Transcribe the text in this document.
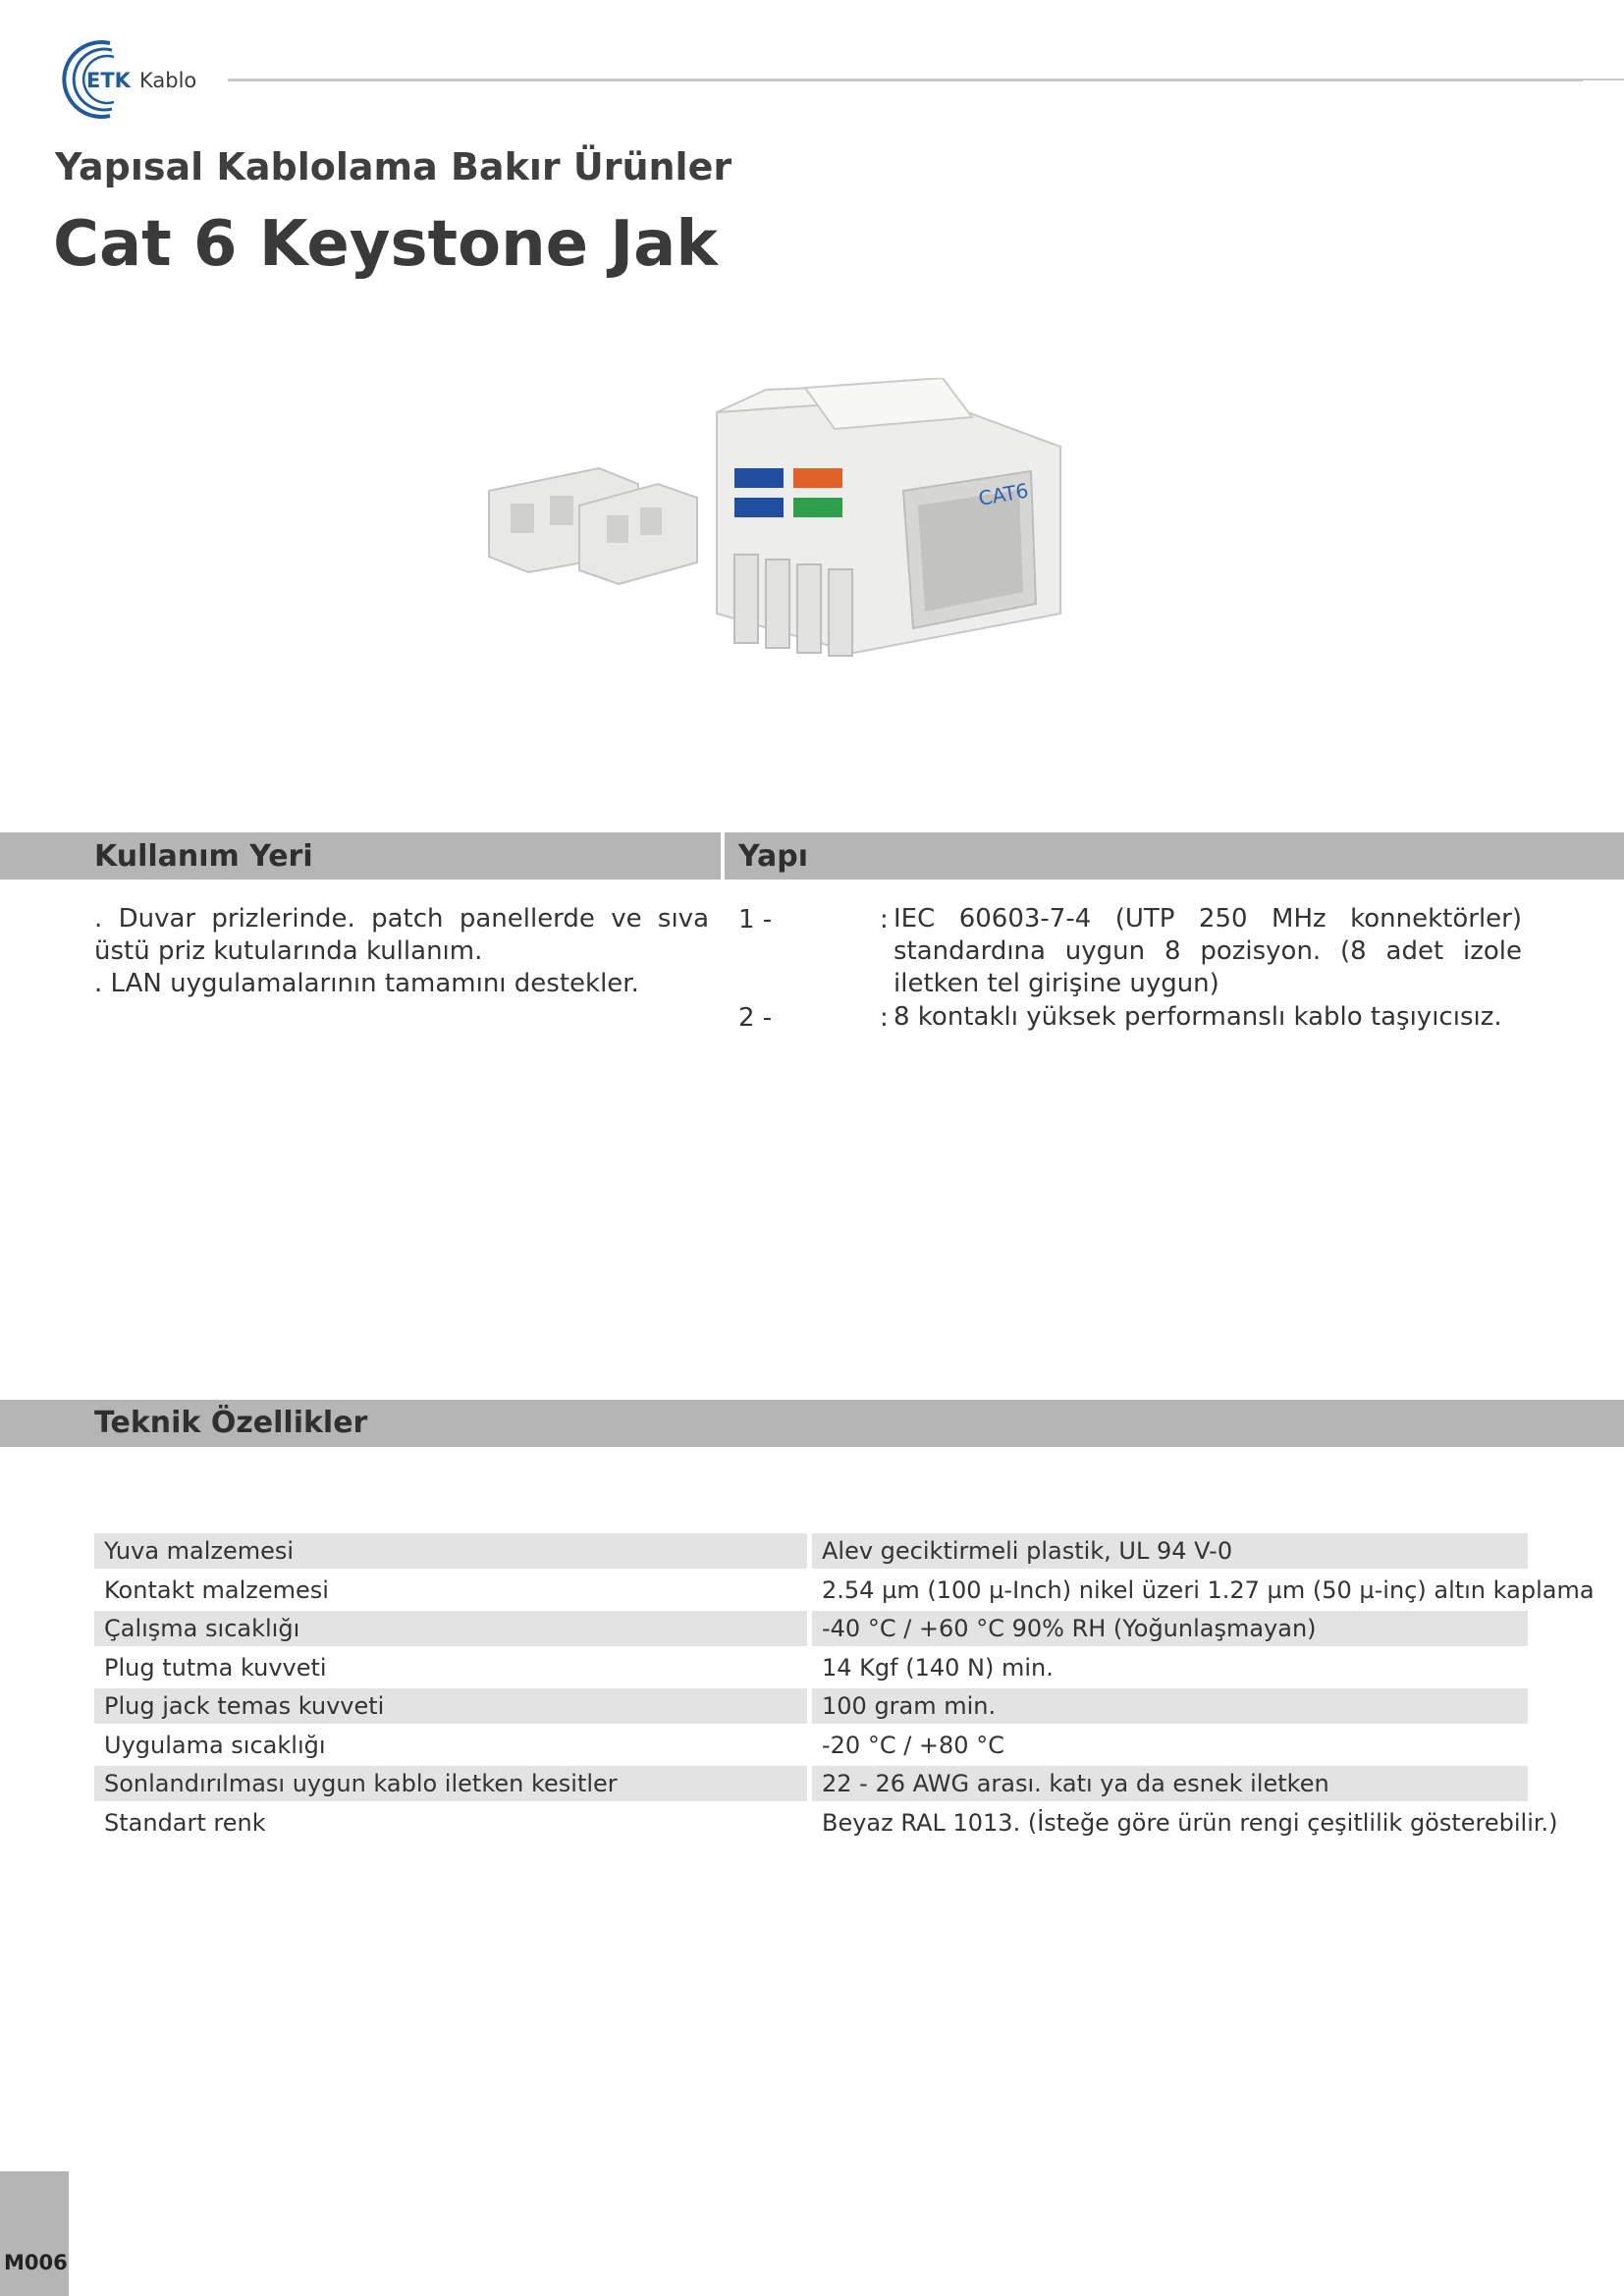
ETK Kablo
Yapısal Kablolama Bakır Ürünler
Cat 6 Keystone Jak
CAT6
Kullanım Yeri	Yapı
. Duvar prizlerinde. patch panellerde ve sıva üstü priz kutularında kullanım.
. LAN uygulamalarının tamamını destekler.
1 -	: IEC 60603-7-4 (UTP 250 MHz konnektörler) standardına uygun 8 pozisyon. (8 adet izole iletken tel girişine uygun)
2 -	: 8 kontaklı yüksek performanslı kablo taşıyıcısız.
Teknik Özellikler
Yuva malzemesi	Alev geciktirmeli plastik, UL 94 V-0
Kontakt malzemesi	2.54 µm (100 µ-Inch) nikel üzeri 1.27 µm (50 µ-inç) altın kaplama
Çalışma sıcaklığı	-40 °C / +60 °C 90% RH (Yoğunlaşmayan)
Plug tutma kuvveti	14 Kgf (140 N) min.
Plug jack temas kuvveti	100 gram min.
Uygulama sıcaklığı	-20 °C / +80 °C
Sonlandırılması uygun kablo iletken kesitler	22 - 26 AWG arası. katı ya da esnek iletken
Standart renk	Beyaz RAL 1013. (İsteğe göre ürün rengi çeşitlilik gösterebilir.)
M006
